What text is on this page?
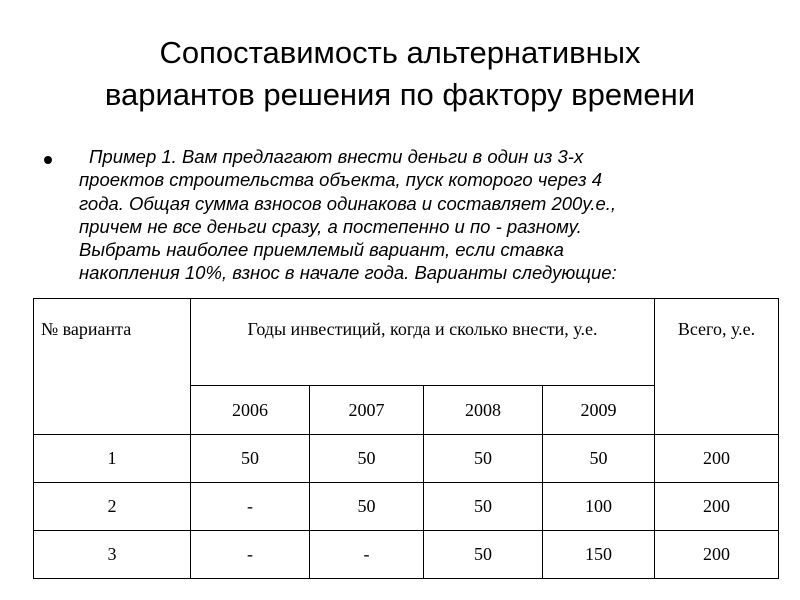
Сопоставимость альтернативных
вариантов решения по фактору времени
Пример 1. Вам предлагают внести деньги в один из 3-х
проектов строительства объекта, пуск которого через 4
года. Общая сумма взносов одинакова и составляет 200у.е.,
причем не все деньги сразу, а постепенно и по - разному.
Выбрать наиболее приемлемый вариант, если ставка
накопления 10%, взнос в начале года. Варианты следующие:
№ варианта	Годы инвестиций, когда и сколько внести, у.е.				Всего, у.е.
	2006	2007	2008	2009	
1	50	50	50	50	200
2	-	50	50	100	200
3	-	-	50	150	200
